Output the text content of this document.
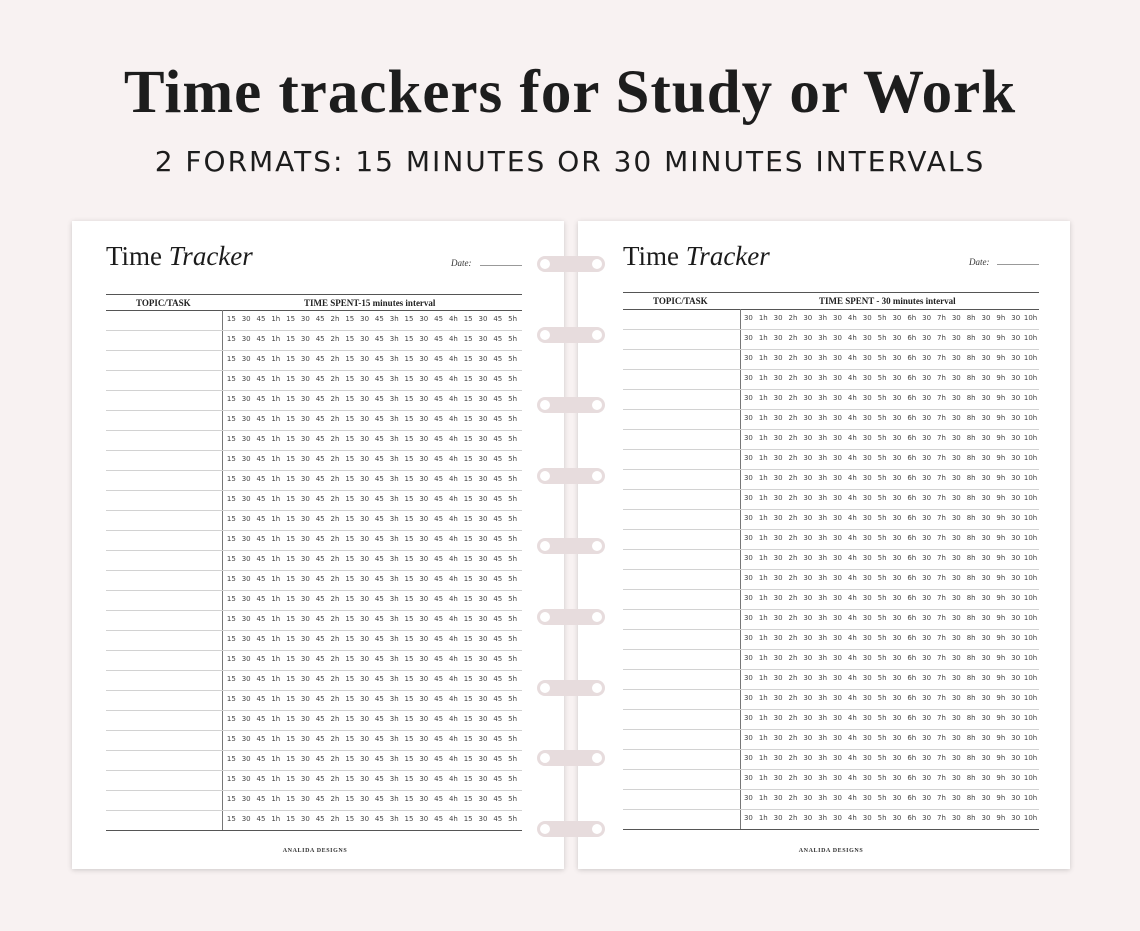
Time trackers for Study or Work
2 FORMATS: 15 MINUTES OR 30 MINUTES INTERVALS
Time Tracker	Date:
TOPIC/TASK	TIME SPENT-15 minutes interval
15 30 45 1h 15 30 45 2h 15 30 45 3h 15 30 45 4h 15 30 45 5h
15 30 45 1h 15 30 45 2h 15 30 45 3h 15 30 45 4h 15 30 45 5h
15 30 45 1h 15 30 45 2h 15 30 45 3h 15 30 45 4h 15 30 45 5h
15 30 45 1h 15 30 45 2h 15 30 45 3h 15 30 45 4h 15 30 45 5h
15 30 45 1h 15 30 45 2h 15 30 45 3h 15 30 45 4h 15 30 45 5h
15 30 45 1h 15 30 45 2h 15 30 45 3h 15 30 45 4h 15 30 45 5h
15 30 45 1h 15 30 45 2h 15 30 45 3h 15 30 45 4h 15 30 45 5h
15 30 45 1h 15 30 45 2h 15 30 45 3h 15 30 45 4h 15 30 45 5h
15 30 45 1h 15 30 45 2h 15 30 45 3h 15 30 45 4h 15 30 45 5h
15 30 45 1h 15 30 45 2h 15 30 45 3h 15 30 45 4h 15 30 45 5h
15 30 45 1h 15 30 45 2h 15 30 45 3h 15 30 45 4h 15 30 45 5h
15 30 45 1h 15 30 45 2h 15 30 45 3h 15 30 45 4h 15 30 45 5h
15 30 45 1h 15 30 45 2h 15 30 45 3h 15 30 45 4h 15 30 45 5h
15 30 45 1h 15 30 45 2h 15 30 45 3h 15 30 45 4h 15 30 45 5h
15 30 45 1h 15 30 45 2h 15 30 45 3h 15 30 45 4h 15 30 45 5h
15 30 45 1h 15 30 45 2h 15 30 45 3h 15 30 45 4h 15 30 45 5h
15 30 45 1h 15 30 45 2h 15 30 45 3h 15 30 45 4h 15 30 45 5h
15 30 45 1h 15 30 45 2h 15 30 45 3h 15 30 45 4h 15 30 45 5h
15 30 45 1h 15 30 45 2h 15 30 45 3h 15 30 45 4h 15 30 45 5h
15 30 45 1h 15 30 45 2h 15 30 45 3h 15 30 45 4h 15 30 45 5h
15 30 45 1h 15 30 45 2h 15 30 45 3h 15 30 45 4h 15 30 45 5h
15 30 45 1h 15 30 45 2h 15 30 45 3h 15 30 45 4h 15 30 45 5h
15 30 45 1h 15 30 45 2h 15 30 45 3h 15 30 45 4h 15 30 45 5h
15 30 45 1h 15 30 45 2h 15 30 45 3h 15 30 45 4h 15 30 45 5h
15 30 45 1h 15 30 45 2h 15 30 45 3h 15 30 45 4h 15 30 45 5h
15 30 45 1h 15 30 45 2h 15 30 45 3h 15 30 45 4h 15 30 45 5h
ANALIDA DESIGNS
Time Tracker	Date:
TOPIC/TASK	TIME SPENT - 30 minutes interval
30 1h 30 2h 30 3h 30 4h 30 5h 30 6h 30 7h 30 8h 30 9h 30 10h
30 1h 30 2h 30 3h 30 4h 30 5h 30 6h 30 7h 30 8h 30 9h 30 10h
30 1h 30 2h 30 3h 30 4h 30 5h 30 6h 30 7h 30 8h 30 9h 30 10h
30 1h 30 2h 30 3h 30 4h 30 5h 30 6h 30 7h 30 8h 30 9h 30 10h
30 1h 30 2h 30 3h 30 4h 30 5h 30 6h 30 7h 30 8h 30 9h 30 10h
30 1h 30 2h 30 3h 30 4h 30 5h 30 6h 30 7h 30 8h 30 9h 30 10h
30 1h 30 2h 30 3h 30 4h 30 5h 30 6h 30 7h 30 8h 30 9h 30 10h
30 1h 30 2h 30 3h 30 4h 30 5h 30 6h 30 7h 30 8h 30 9h 30 10h
30 1h 30 2h 30 3h 30 4h 30 5h 30 6h 30 7h 30 8h 30 9h 30 10h
30 1h 30 2h 30 3h 30 4h 30 5h 30 6h 30 7h 30 8h 30 9h 30 10h
30 1h 30 2h 30 3h 30 4h 30 5h 30 6h 30 7h 30 8h 30 9h 30 10h
30 1h 30 2h 30 3h 30 4h 30 5h 30 6h 30 7h 30 8h 30 9h 30 10h
30 1h 30 2h 30 3h 30 4h 30 5h 30 6h 30 7h 30 8h 30 9h 30 10h
30 1h 30 2h 30 3h 30 4h 30 5h 30 6h 30 7h 30 8h 30 9h 30 10h
30 1h 30 2h 30 3h 30 4h 30 5h 30 6h 30 7h 30 8h 30 9h 30 10h
30 1h 30 2h 30 3h 30 4h 30 5h 30 6h 30 7h 30 8h 30 9h 30 10h
30 1h 30 2h 30 3h 30 4h 30 5h 30 6h 30 7h 30 8h 30 9h 30 10h
30 1h 30 2h 30 3h 30 4h 30 5h 30 6h 30 7h 30 8h 30 9h 30 10h
30 1h 30 2h 30 3h 30 4h 30 5h 30 6h 30 7h 30 8h 30 9h 30 10h
30 1h 30 2h 30 3h 30 4h 30 5h 30 6h 30 7h 30 8h 30 9h 30 10h
30 1h 30 2h 30 3h 30 4h 30 5h 30 6h 30 7h 30 8h 30 9h 30 10h
30 1h 30 2h 30 3h 30 4h 30 5h 30 6h 30 7h 30 8h 30 9h 30 10h
30 1h 30 2h 30 3h 30 4h 30 5h 30 6h 30 7h 30 8h 30 9h 30 10h
30 1h 30 2h 30 3h 30 4h 30 5h 30 6h 30 7h 30 8h 30 9h 30 10h
30 1h 30 2h 30 3h 30 4h 30 5h 30 6h 30 7h 30 8h 30 9h 30 10h
30 1h 30 2h 30 3h 30 4h 30 5h 30 6h 30 7h 30 8h 30 9h 30 10h
ANALIDA DESIGNS
